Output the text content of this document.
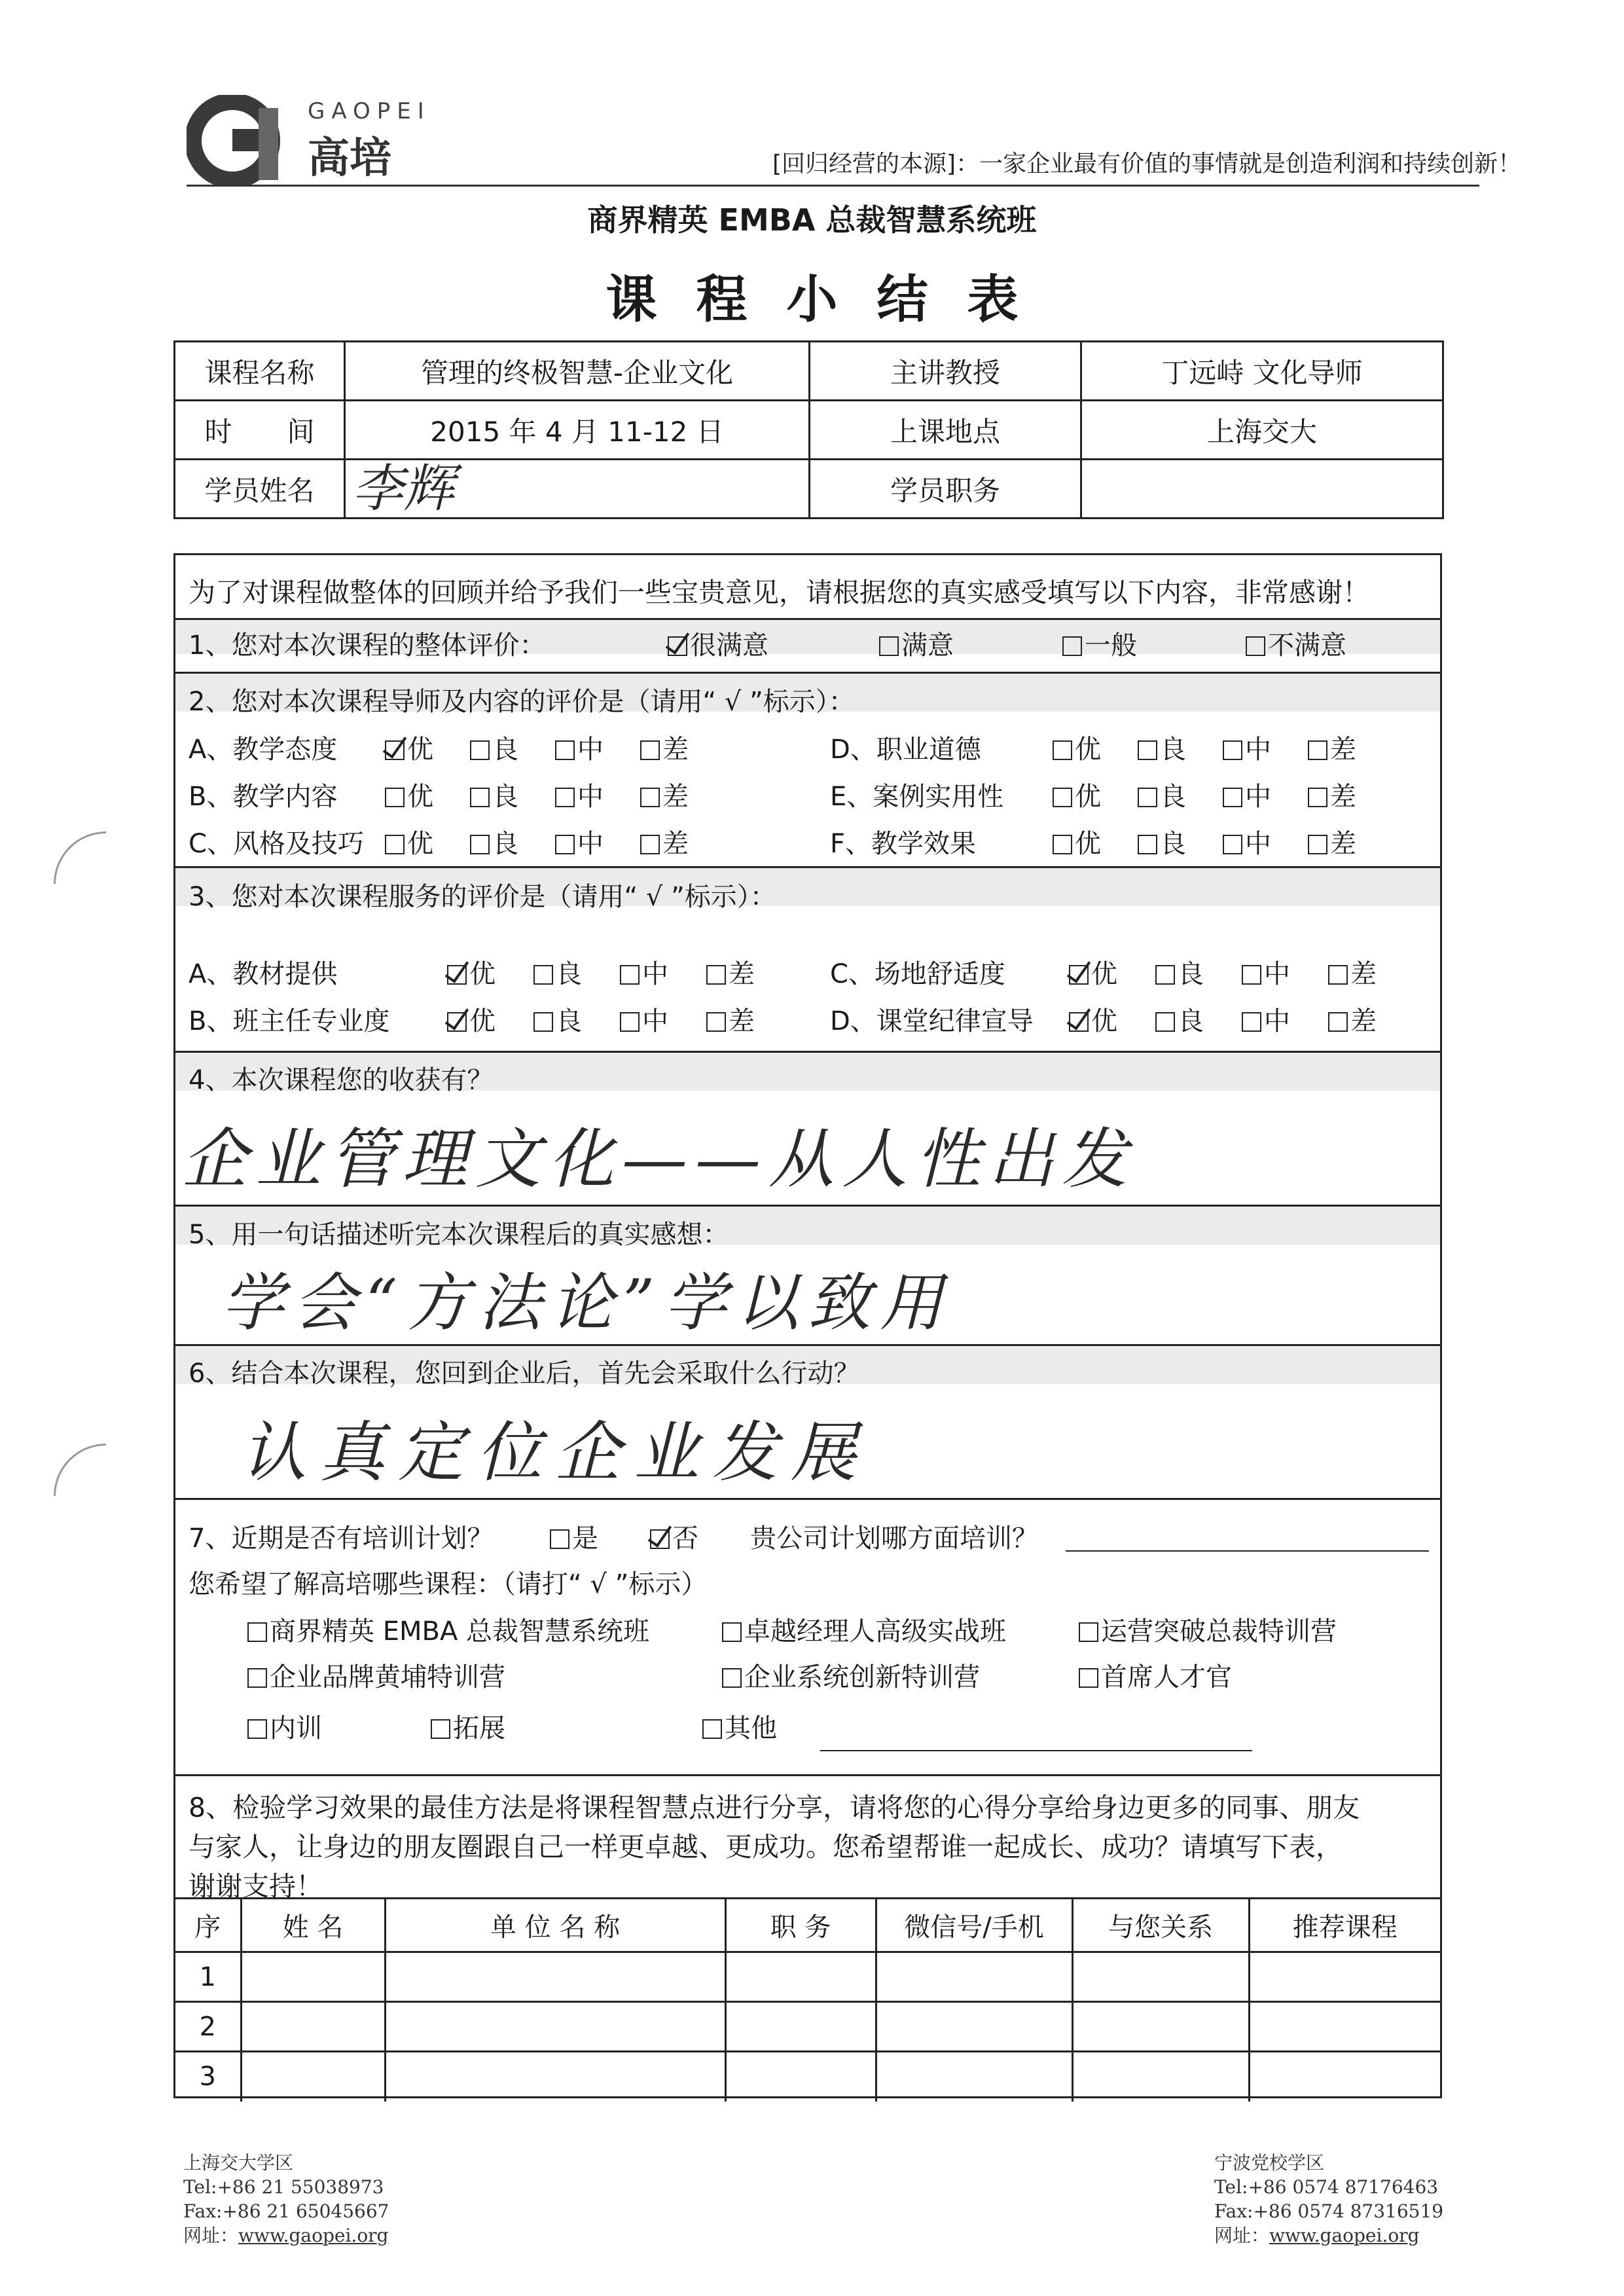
GAOPEI
高培	[回归经营的本源]：一家企业最有价值的事情就是创造利润和持续创新！
商界精英 EMBA 总裁智慧系统班
课程小结表
课程名称	管理的终极智慧-企业文化	主讲教授	丁远峙 文化导师
时　　间	2015 年 4 月 11-12 日	上课地点	上海交大
学员姓名	李辉	学员职务	
为了对课程做整体的回顾并给予我们一些宝贵意见，请根据您的真实感受填写以下内容，非常感谢！
1、您对本次课程的整体评价：	很满意	满意	一般	不满意
2、您对本次课程导师及内容的评价是（请用“ √ ”标示）：
A、教学态度	优	良	中	差
B、教学内容	优	良	中	差
C、风格及技巧	优	良	中	差
D、职业道德	优	良	中	差
E、案例实用性	优	良	中	差
F、教学效果	优	良	中	差
3、您对本次课程服务的评价是（请用“ √ ”标示）：
A、教材提供	优	良	中	差
B、班主任专业度	优	良	中	差
C、场地舒适度	优	良	中	差
D、课堂纪律宣导	优	良	中	差
4、本次课程您的收获有？
企业管理文化——从人性出发
5、用一句话描述听完本次课程后的真实感想：
学会“方法论”学以致用
6、结合本次课程，您回到企业后，首先会采取什么行动？
认真定位企业发展
7、近期是否有培训计划？	是	否 贵公司计划哪方面培训？
您希望了解高培哪些课程：（请打“ √ ”标示）
商界精英 EMBA 总裁智慧系统班	卓越经理人高级实战班	运营突破总裁特训营
企业品牌黄埔特训营	企业系统创新特训营	首席人才官
内训	拓展	其他
8、检验学习效果的最佳方法是将课程智慧点进行分享，请将您的心得分享给身边更多的同事、朋友
与家人，让身边的朋友圈跟自己一样更卓越、更成功。您希望帮谁一起成长、成功？请填写下表，
谢谢支持！
序	姓 名	单 位 名 称	职 务	微信号/手机	与您关系	推荐课程
1						
2						
3						
上海交大学区
Tel:+86 21 55038973
Fax:+86 21 65045667
网址：www.gaopei.org
宁波党校学区
Tel:+86 0574 87176463
Fax:+86 0574 87316519
网址：www.gaopei.org
